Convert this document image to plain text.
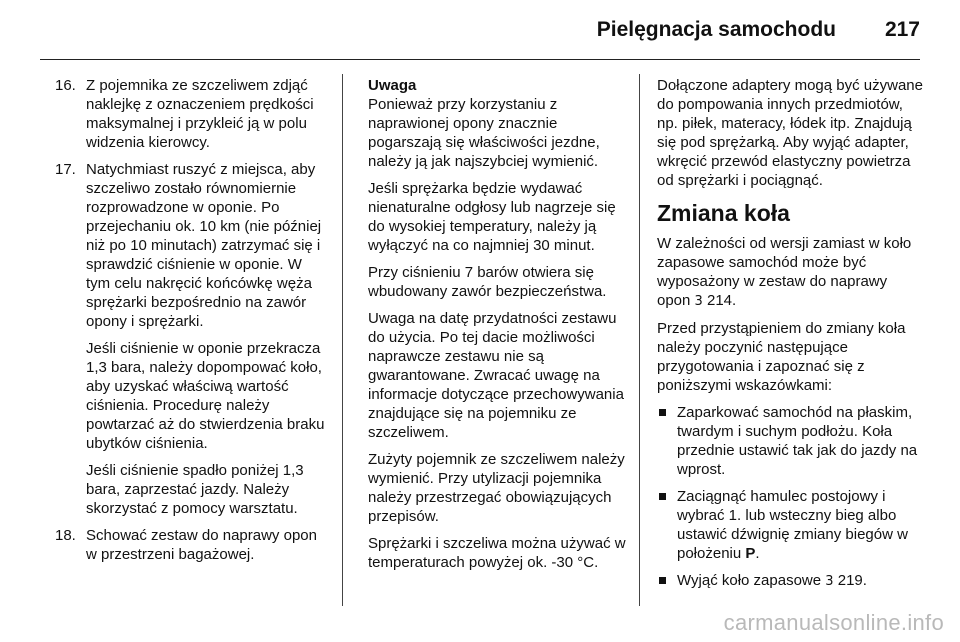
Pielęgnacja samochodu 217
16. Z pojemnika ze szczeliwem zdjąć naklejkę z oznaczeniem prędkości maksymalnej i przykleić ją w polu widzenia kierowcy.
17. Natychmiast ruszyć z miejsca, aby szczeliwo zostało równomiernie rozprowadzone w oponie. Po przejechaniu ok. 10 km (nie później niż po 10 minutach) zatrzymać się i sprawdzić ciśnienie w oponie. W tym celu nakręcić końcówkę węża sprężarki bezpośrednio na zawór opony i sprężarki.

Jeśli ciśnienie w oponie przekracza 1,3 bara, należy dopompować koło, aby uzyskać właściwą wartość ciśnienia. Procedurę należy powtarzać aż do stwierdzenia braku ubytków ciśnienia.

Jeśli ciśnienie spadło poniżej 1,3 bara, zaprzestać jazdy. Należy skorzystać z pomocy warsztatu.

18. Schować zestaw do naprawy opon w przestrzeni bagażowej.
Uwaga

Ponieważ przy korzystaniu z naprawionej opony znacznie pogarszają się właściwości jezdne, należy ją jak najszybciej wymienić.

Jeśli sprężarka będzie wydawać nienaturalne odgłosy lub nagrzeje się do wysokiej temperatury, należy ją wyłączyć na co najmniej 30 minut.

Przy ciśnieniu 7 barów otwiera się wbudowany zawór bezpieczeństwa.

Uwaga na datę przydatności zestawu do użycia. Po tej dacie możliwości naprawcze zestawu nie są gwarantowane. Zwracać uwagę na informacje dotyczące przechowywania znajdujące się na pojemniku ze szczeliwem.

Zużyty pojemnik ze szczeliwem należy wymienić. Przy utylizacji pojemnika należy przestrzegać obowiązujących przepisów.

Sprężarki i szczeliwa można używać w temperaturach powyżej ok. -30 °C.

Dołączone adaptery mogą być używane do pompowania innych przedmiotów, np. piłek, materacy, łódek itp. Znajdują się pod sprężarką. Aby wyjąć adapter, wkręcić przewód elastyczny powietrza od sprężarki i pociągnąć.

Zmiana koła

W zależności od wersji zamiast w koło zapasowe samochód może być wyposażony w zestaw do naprawy opon 3 214.

Przed przystąpieniem do zmiany koła należy poczynić następujące przygotowania i zapoznać się z poniższymi wskazówkami:

Zaparkować samochód na płaskim, twardym i suchym podłożu. Koła przednie ustawić tak jak do jazdy na wprost.
Zaciągnąć hamulec postojowy i wybrać 1. lub wsteczny bieg albo ustawić dźwignię zmiany biegów w położeniu P.
Wyjąć koło zapasowe 3 219.
carmanualsonline.info
